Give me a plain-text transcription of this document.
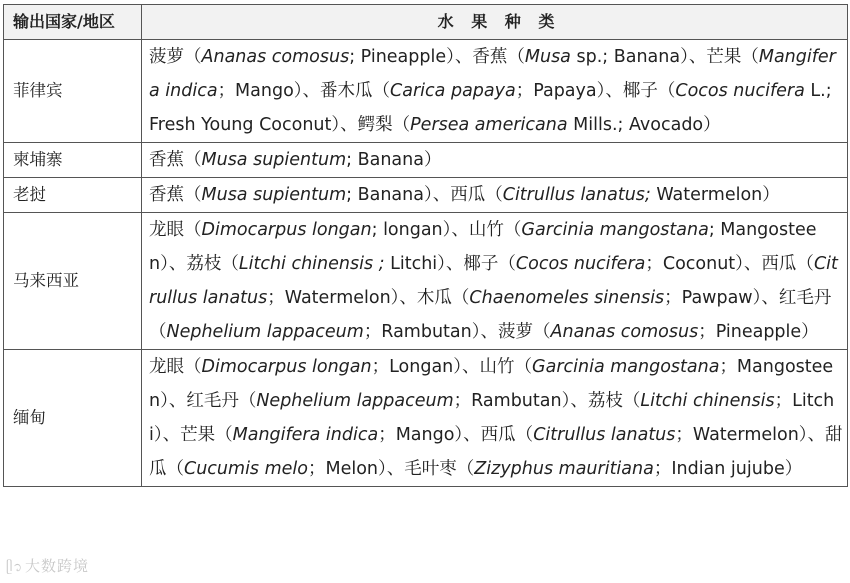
输出国家/地区	水 果 种 类
菲律宾	菠萝（Ananas comosus; Pineapple）、香蕉（Musa sp.; Banana）、芒果（Mangifera indica；Mango）、番木瓜（Carica papaya；Papaya）、椰子（Cocos nucifera L.; Fresh Young Coconut）、鳄梨（Persea americana Mills.; Avocado）
柬埔寨	香蕉（Musa supientum; Banana）
老挝	香蕉（Musa supientum; Banana）、西瓜（Citrullus lanatus; Watermelon）
马来西亚	龙眼（Dimocarpus longan; longan）、山竹（Garcinia mangostana; Mangosteen）、荔枝（Litchi chinensis ; Litchi）、椰子（Cocos nucifera；Coconut）、西瓜（Citrullus lanatus；Watermelon）、木瓜（Chaenomeles sinensis；Pawpaw）、红毛丹（Nephelium lappaceum；Rambutan）、菠萝（Ananas comosus；Pineapple）
缅甸	龙眼（Dimocarpus longan；Longan）、山竹（Garcinia mangostana；Mangosteen）、红毛丹（Nephelium lappaceum；Rambutan）、荔枝（Litchi chinensis；Litchi）、芒果（Mangifera indica；Mango）、西瓜（Citrullus lanatus；Watermelon）、甜瓜（Cucumis melo；Melon）、毛叶枣（Zizyphus mauritiana；Indian jujube）
ᥫ᭡ 大数跨境
